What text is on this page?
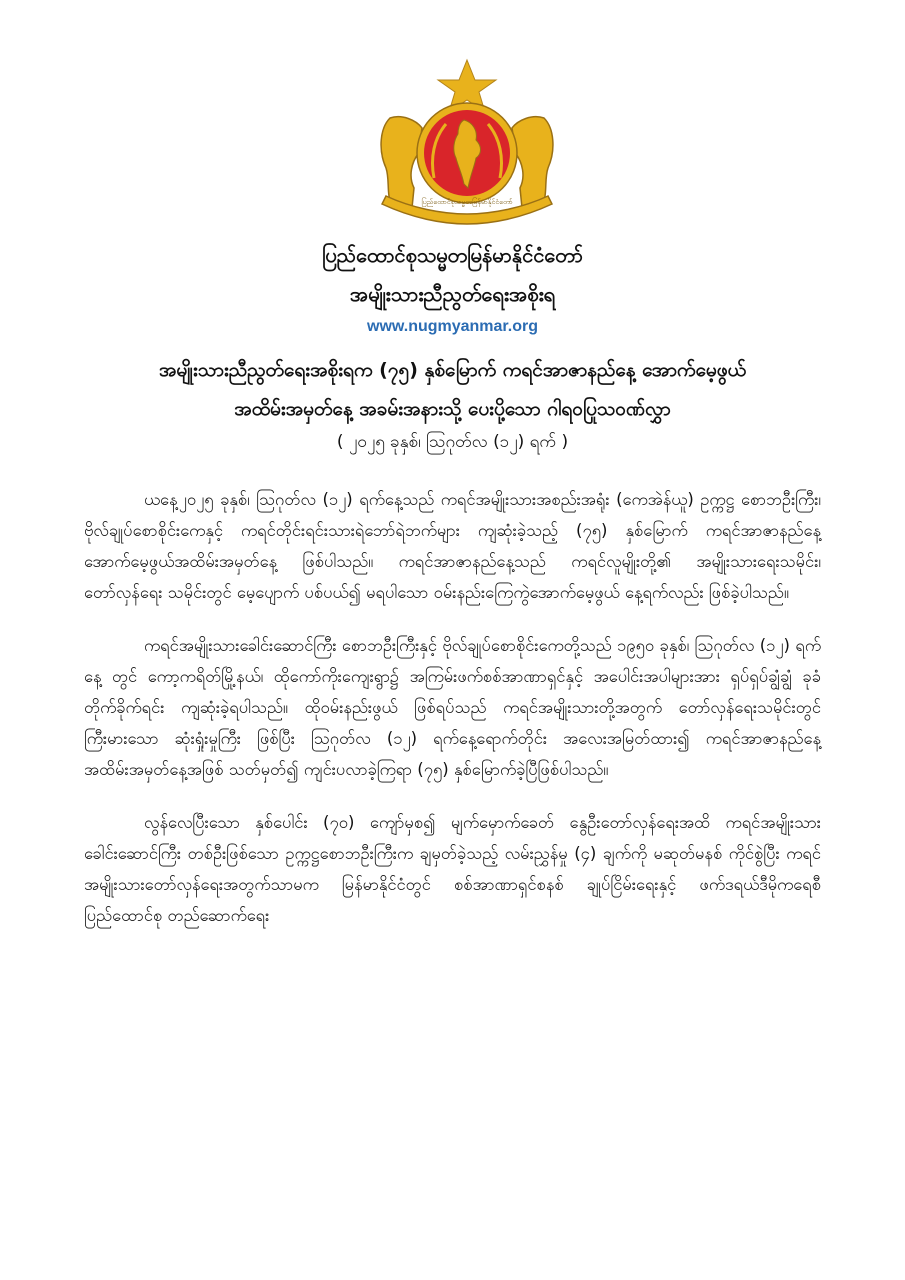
ပြည်ထောင်စုသမ္မတမြန်မာနိုင်ငံတော်
ပြည်ထောင်စုသမ္မတမြန်မာနိုင်ငံတော်
အမျိုးသားညီညွတ်ရေးအစိုးရ
www.nugmyanmar.org
အမျိုးသားညီညွတ်ရေးအစိုးရက (၇၅) နှစ်မြောက် ကရင်အာဇာနည်နေ့ အောက်မေ့ဖွယ်
အထိမ်းအမှတ်နေ့ အခမ်းအနားသို့ ပေးပို့သော ဂါရဝပြုသဝဏ်လွှာ
( ၂၀၂၅ ခုနှစ်၊ သြဂုတ်လ (၁၂) ရက် )

ယနေ့၂၀၂၅ ခုနှစ်၊ သြဂုတ်လ (၁၂) ရက်နေ့သည် ကရင်အမျိုးသားအစည်းအရုံး (ကေအဲန်ယူ) ဥက္ကဋ္ဌ စောဘဦးကြီး၊ ဗိုလ်ချုပ်စောစိုင်းကေနှင့် ကရင်တိုင်းရင်းသားရဲဘော်ရဲဘက်များ ကျဆုံးခဲ့သည့် (၇၅) နှစ်မြောက် ကရင်အာဇာနည်နေ့ အောက်မေ့ဖွယ်အထိမ်းအမှတ်နေ့ ဖြစ်ပါသည်။ ကရင်အာဇာနည်နေ့သည် ကရင်လူမျိုးတို့၏ အမျိုးသားရေးသမိုင်း၊ တော်လှန်ရေး သမိုင်းတွင် မေ့ပျောက် ပစ်ပယ်၍ မရပါသော ဝမ်းနည်းကြေကွဲအောက်မေ့ဖွယ် နေ့ရက်လည်း ဖြစ်ခဲ့ပါသည်။

ကရင်အမျိုးသားခေါင်းဆောင်ကြီး စောဘဦးကြီးနှင့် ဗိုလ်ချုပ်စောစိုင်းကေတို့သည် ၁၉၅၀ ခုနှစ်၊ သြဂုတ်လ (၁၂) ရက်နေ့ တွင် ကော့ကရိတ်မြို့နယ်၊ ထိုကော်ကိုးကျေးရွာ၌ အကြမ်းဖက်စစ်အာဏာရှင်နှင့် အပေါင်းအပါများအား ရှပ်ရှပ်ချွံချွံ ခုခံတိုက်ခိုက်ရင်း ကျဆုံးခဲ့ရပါသည်။ ထိုဝမ်းနည်းဖွယ် ဖြစ်ရပ်သည် ကရင်အမျိုးသားတို့အတွက် တော်လှန်ရေးသမိုင်းတွင် ကြီးမားသော ဆုံးရှုံးမှုကြီး ဖြစ်ပြီး သြဂုတ်လ (၁၂) ရက်နေ့ရောက်တိုင်း အလေးအမြတ်ထား၍ ကရင်အာဇာနည်နေ့ အထိမ်းအမှတ်နေ့အဖြစ် သတ်မှတ်၍ ကျင်းပလာခဲ့ကြရာ (၇၅) နှစ်မြောက်ခဲ့ပြီဖြစ်ပါသည်။

လွန်လေပြီးသော နှစ်ပေါင်း (၇၀) ကျော်မှစ၍ မျက်မှောက်ခေတ် နွေဦးတော်လှန်ရေးအထိ ကရင်အမျိုးသားခေါင်းဆောင်ကြီး တစ်ဦးဖြစ်သော ဥက္ကဋ္ဌစောဘဦးကြီးက ချမှတ်ခဲ့သည့် လမ်းညွှန်မှု (၄) ချက်ကို မဆုတ်မနစ် ကိုင်စွဲပြီး ကရင်အမျိုးသားတော်လှန်ရေးအတွက်သာမက မြန်မာနိုင်ငံတွင် စစ်အာဏာရှင်စနစ် ချုပ်ငြိမ်းရေးနှင့် ဖက်ဒရယ်ဒီမိုကရေစီပြည်ထောင်စု တည်ဆောက်ရေး
